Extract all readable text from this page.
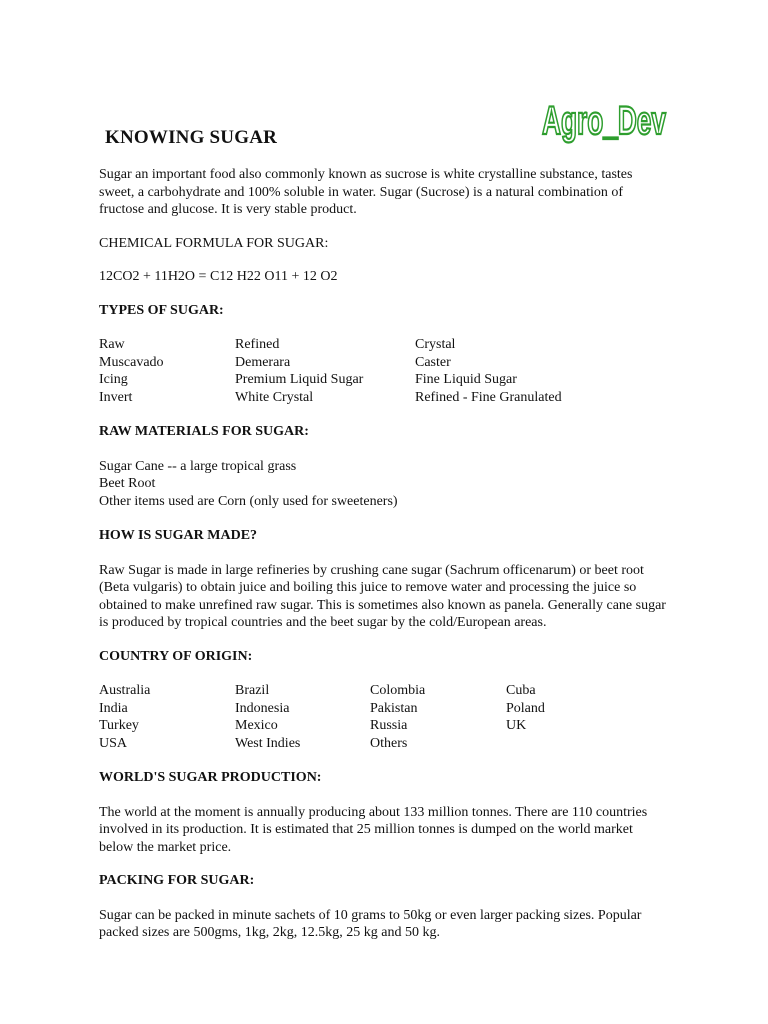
Agro_Dev
KNOWING SUGAR

Sugar an important food also commonly known as sucrose is white crystalline substance, tastes sweet, a carbohydrate and 100% soluble in water. Sugar (Sucrose) is a natural combination of fructose and glucose. It is very stable product.

CHEMICAL FORMULA FOR SUGAR:

12CO2 + 11H2O = C12 H22 O11 + 12 O2

TYPES OF SUGAR:
Raw	Refined	Crystal
Muscavado	Demerara	Caster
Icing	Premium Liquid Sugar	Fine Liquid Sugar
Invert	White Crystal	Refined - Fine Granulated
RAW MATERIALS FOR SUGAR:
Sugar Cane -- a large tropical grass
Beet Root
Other items used are Corn (only used for sweeteners)
HOW IS SUGAR MADE?

Raw Sugar is made in large refineries by crushing cane sugar (Sachrum officenarum) or beet root (Beta vulgaris) to obtain juice and boiling this juice to remove water and processing the juice so obtained to make unrefined raw sugar. This is sometimes also known as panela. Generally cane sugar is produced by tropical countries and the beet sugar by the cold/European areas.

COUNTRY OF ORIGIN:
Australia	Brazil	Colombia	Cuba
India	Indonesia	Pakistan	Poland
Turkey	Mexico	Russia	UK
USA	West Indies	Others
WORLD'S SUGAR PRODUCTION:

The world at the moment is annually producing about 133 million tonnes. There are 110 countries involved in its production. It is estimated that 25 million tonnes is dumped on the world market below the market price.

PACKING FOR SUGAR:

Sugar can be packed in minute sachets of 10 grams to 50kg or even larger packing sizes. Popular packed sizes are 500gms, 1kg, 2kg, 12.5kg, 25 kg and 50 kg.
